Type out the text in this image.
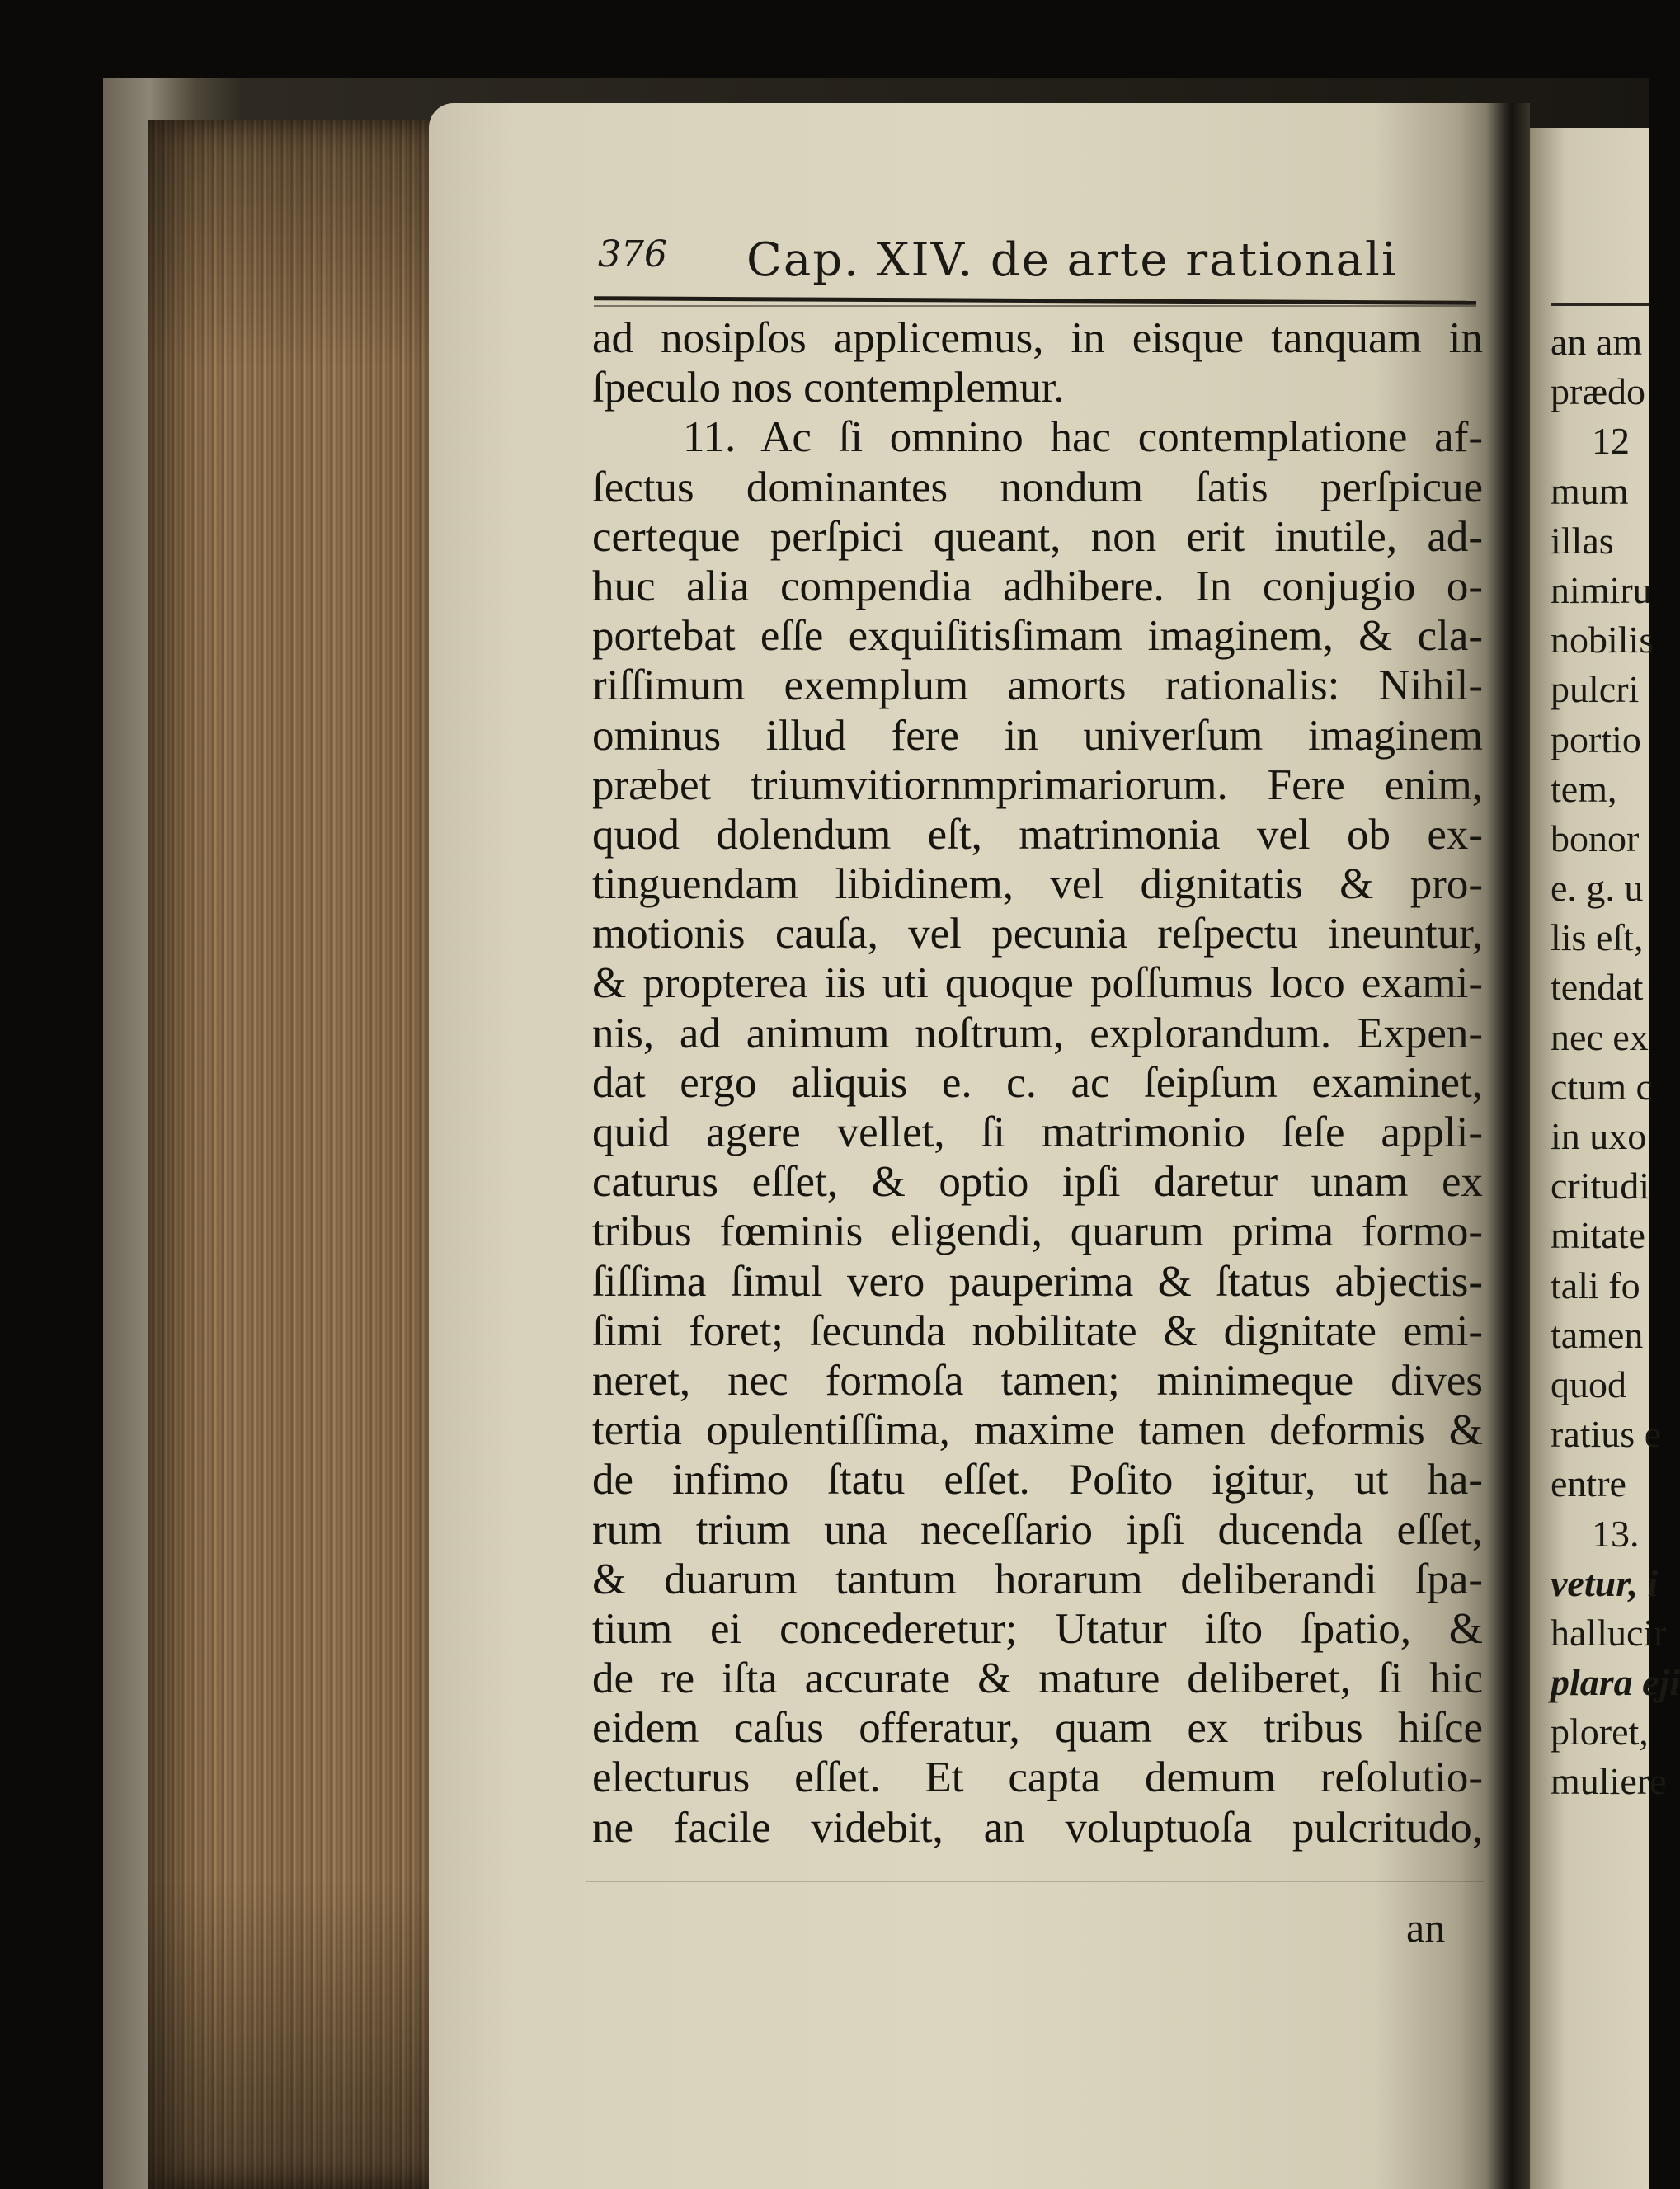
376 Cap. XIV. de arte rationali
ad nosipſos applicemus, in eisque tanquam in
ſpeculo nos contemplemur.
11. Ac ſi omnino hac contemplatione af-
ſectus dominantes nondum ſatis perſpicue
certeque perſpici queant, non erit inutile, ad-
huc alia compendia adhibere. In conjugio o-
portebat eſſe exquiſitisſimam imaginem, & cla-
riſſimum exemplum amorts rationalis: Nihil-
ominus illud fere in univerſum imaginem
præbet triumvitiornmprimariorum. Fere enim,
quod dolendum eſt, matrimonia vel ob ex-
tinguendam libidinem, vel dignitatis & pro-
motionis cauſa, vel pecunia reſpectu ineuntur,
& propterea iis uti quoque poſſumus loco exami-
nis, ad animum noſtrum, explorandum. Expen-
dat ergo aliquis e. c. ac ſeipſum examinet,
quid agere vellet, ſi matrimonio ſeſe appli-
caturus eſſet, & optio ipſi daretur unam ex
tribus fœminis eligendi, quarum prima formo-
ſiſſima ſimul vero pauperima & ſtatus abjectis-
ſimi foret; ſecunda nobilitate & dignitate emi-
neret, nec formoſa tamen; minimeque dives
tertia opulentiſſima, maxime tamen deformis &
de infimo ſtatu eſſet. Poſito igitur, ut ha-
rum trium una neceſſario ipſi ducenda eſſet,
& duarum tantum horarum deliberandi ſpa-
tium ei concederetur; Utatur iſto ſpatio, &
de re iſta accurate & mature deliberet, ſi hic
eidem caſus offeratur, quam ex tribus hiſce
electurus eſſet. Et capta demum reſolutio-
ne facile videbit, an voluptuoſa pulcritudo,
an
an am
prædo
12
mum
illas
nimiru
nobilis
pulcri
portio
tem,
bonor
e. g. u
lis eſt,
tendat
nec ex
ctum c
in uxo
critudi
mitate
tali fo
tamen
quod
ratius e
entre
13.
vetur, i
hallucir
plara eji
ploret,
muliere
